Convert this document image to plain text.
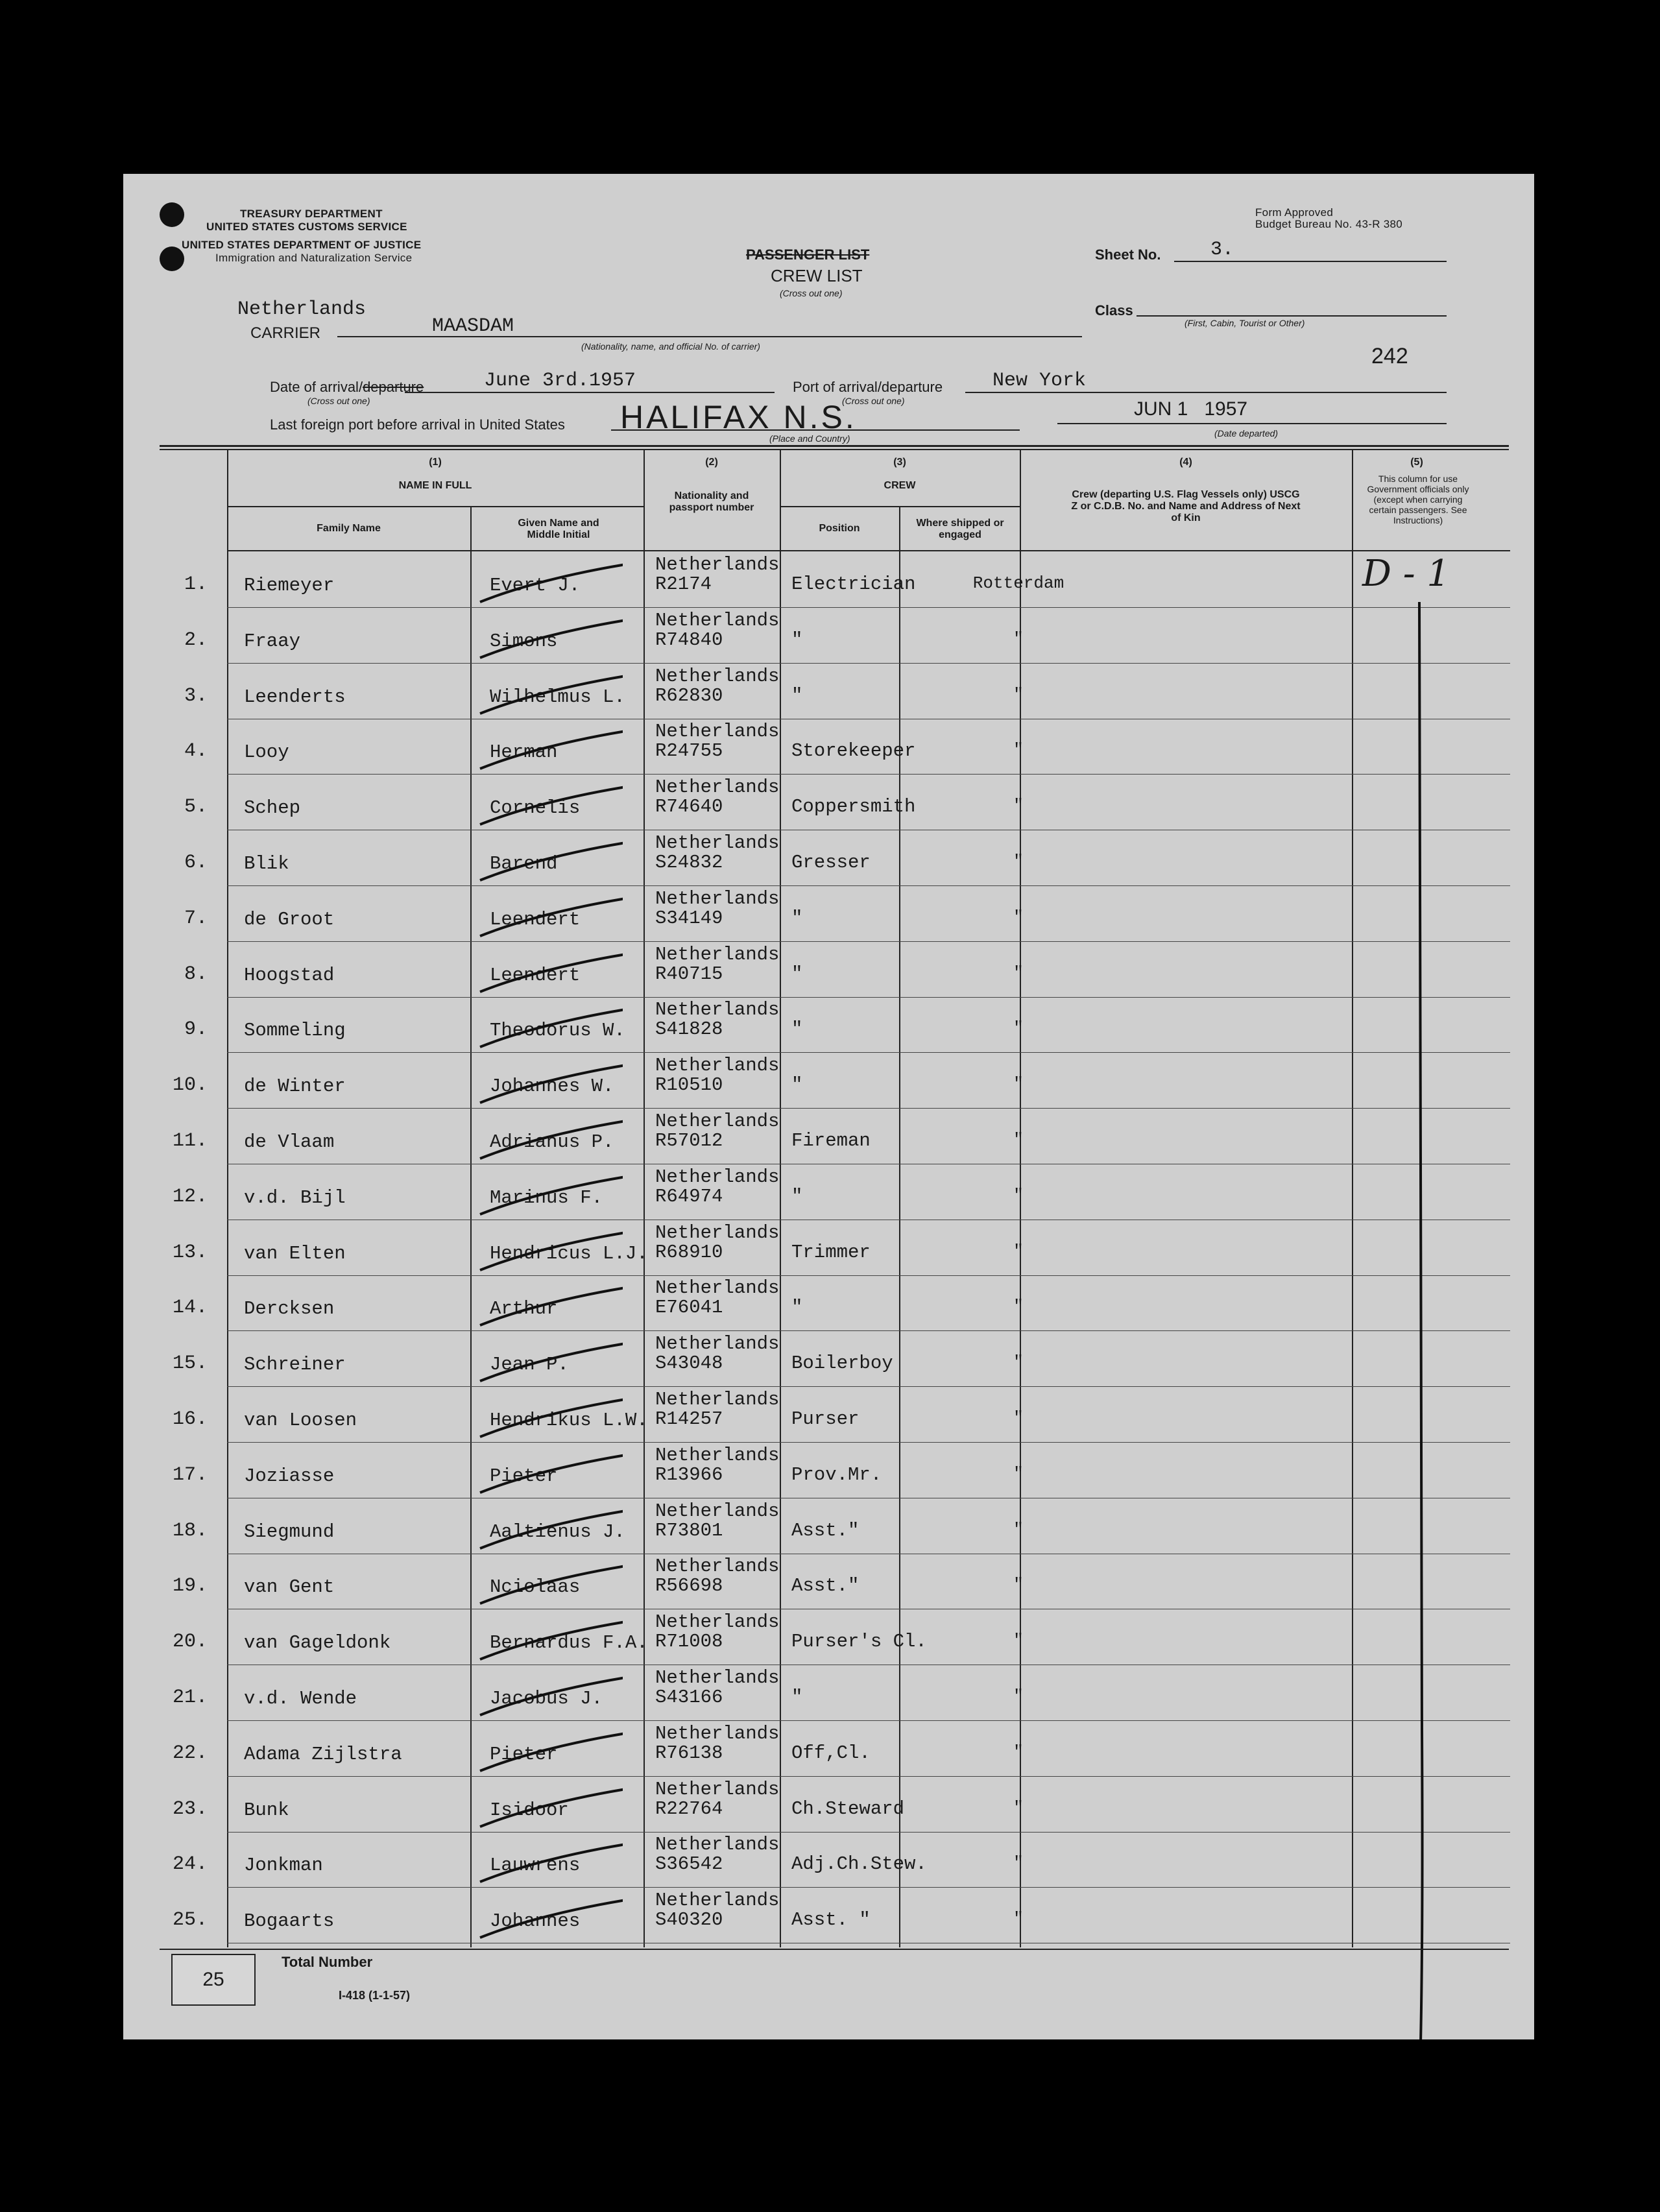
TREASURY DEPARTMENT
UNITED STATES CUSTOMS SERVICE
UNITED STATES DEPARTMENT OF JUSTICE
Immigration and Naturalization Service
Form Approved
Budget Bureau No. 43-R 380
PASSENGER LIST
CREW LIST
(Cross out one)
Sheet No.	3.
Class
(First, Cabin, Tourist or Other)
Netherlands
CARRIER	MAASDAM
(Nationality, name, and official No. of carrier)	242
Date of arrival/departure	June 3rd.1957
(Cross out one)
Port of arrival/departure	New York
(Cross out one)	JUN 1   1957
(Date departed)
Last foreign port before arrival in United States HALIFAX N.S.
(Place and Country)
(1)
NAME IN FULL
Family Name	Given Name and Middle Initial
(2)
Nationality and passport number
(3)
CREW
Position	Where shipped or engaged
(4)
Crew (departing U.S. Flag Vessels only) USCG Z or C.D.B. No. and Name and Address of Next of Kin
(5)
This column for use Government officials only (except when carrying certain passengers. See Instructions)
1. Riemeyer	Evert J.
Netherlands
R2174	Electrician	Rotterdam
2. Fraay	Simons
Netherlands
R74840	"	"
3. Leenderts	Wilhelmus L.
Netherlands
R62830	"	"
4. Looy	Herman
Netherlands
R24755	Storekeeper	"
5. Schep	Cornelis
Netherlands
R74640	Coppersmith	"
6. Blik	Barend
Netherlands
S24832	Gresser	"
7. de Groot	Leendert
Netherlands
S34149	"	"
8. Hoogstad	Leendert
Netherlands
R40715	"	"
9. Sommeling	Theodorus W.
Netherlands
S41828	"	"
10. de Winter	Johannes W.
Netherlands
R10510	"	"
11. de Vlaam	Adrianus P.
Netherlands
R57012	Fireman	"
12. v.d. Bijl	Marinus F.
Netherlands
R64974	"	"
13. van Elten	Hendricus L.J.
Netherlands
R68910	Trimmer	"
14. Dercksen	Arthur
Netherlands
E76041	"	"
15. Schreiner	Jean P.
Netherlands
S43048	Boilerboy	"
16. van Loosen	Hendrikus L.W.
Netherlands
R14257	Purser	"
17. Joziasse	Pieter
Netherlands
R13966	Prov.Mr.	"
18. Siegmund	Aaltienus J.
Netherlands
R73801	Asst."	"
19. van Gent	Nciolaas
Netherlands
R56698	Asst."	"
20. van Gageldonk	Bernardus F.A.
Netherlands
R71008	Purser's Cl.	"
21. v.d. Wende	Jacobus J.
Netherlands
S43166	"	"
22. Adama Zijlstra	Pieter
Netherlands
R76138	Off,Cl.	"
23. Bunk	Isidoor
Netherlands
R22764	Ch.Steward	"
24. Jonkman	Lauwrens
Netherlands
S36542	Adj.Ch.Stew.	"
25. Bogaarts	Johannes
Netherlands
S40320	Asst. "	"
D - 1
25
Total Number
I-418 (1-1-57)
